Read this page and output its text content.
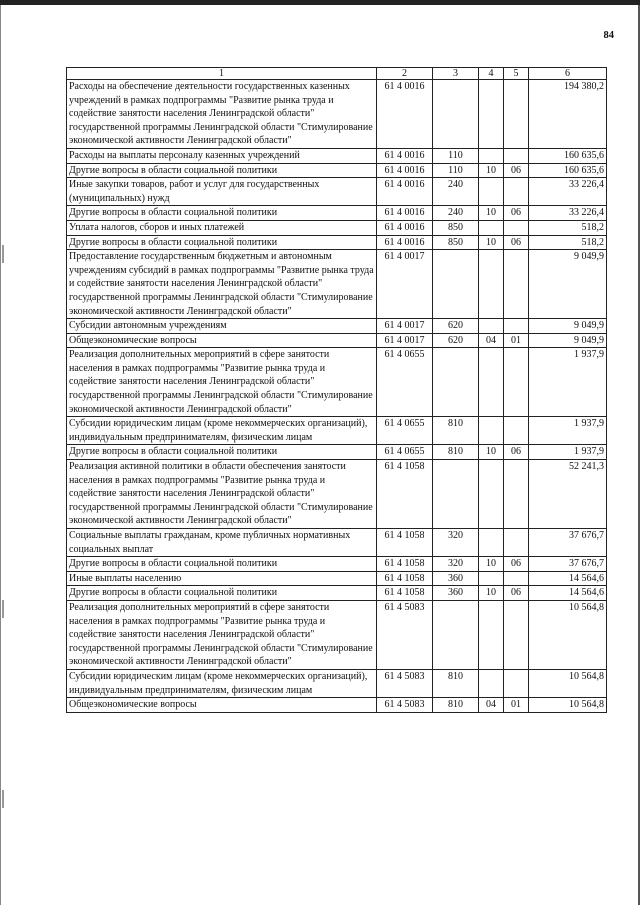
84
1	2	3	4	5	6
Расходы на обеспечение деятельности государственных казенных учреждений в рамках подпрограммы "Развитие рынка труда и содействие занятости населения Ленинградской области" государственной программы Ленинградской области "Стимулирование экономической активности Ленинградской области"	61 4 0016				194 380,2
Расходы на выплаты персоналу казенных учреждений	61 4 0016	110			160 635,6
Другие вопросы в области социальной политики	61 4 0016	110	10	06	160 635,6
Иные закупки товаров, работ и услуг для государственных (муниципальных) нужд	61 4 0016	240			33 226,4
Другие вопросы в области социальной политики	61 4 0016	240	10	06	33 226,4
Уплата налогов, сборов и иных платежей	61 4 0016	850			518,2
Другие вопросы в области социальной политики	61 4 0016	850	10	06	518,2
Предоставление государственным бюджетным и автономным учреждениям субсидий в рамках подпрограммы "Развитие рынка труда и содействие занятости населения Ленинградской области" государственной программы Ленинградской области "Стимулирование экономической активности Ленинградской области"	61 4 0017				9 049,9
Субсидии автономным учреждениям	61 4 0017	620			9 049,9
Общеэкономические вопросы	61 4 0017	620	04	01	9 049,9
Реализация дополнительных мероприятий в сфере занятости населения в рамках подпрограммы "Развитие рынка труда и содействие занятости населения Ленинградской области" государственной программы Ленинградской области "Стимулирование экономической активности Ленинградской области"	61 4 0655				1 937,9
Субсидии юридическим лицам (кроме некоммерческих организаций), индивидуальным предпринимателям, физическим лицам	61 4 0655	810			1 937,9
Другие вопросы в области социальной политики	61 4 0655	810	10	06	1 937,9
Реализация активной политики в области обеспечения занятости населения в рамках подпрограммы "Развитие рынка труда и содействие занятости населения Ленинградской области" государственной программы Ленинградской области "Стимулирование экономической активности Ленинградской области"	61 4 1058				52 241,3
Социальные выплаты гражданам, кроме публичных нормативных социальных выплат	61 4 1058	320			37 676,7
Другие вопросы в области социальной политики	61 4 1058	320	10	06	37 676,7
Иные выплаты населению	61 4 1058	360			14 564,6
Другие вопросы в области социальной политики	61 4 1058	360	10	06	14 564,6
Реализация дополнительных мероприятий в сфере занятости населения в рамках подпрограммы "Развитие рынка труда и содействие занятости населения Ленинградской области" государственной программы Ленинградской области "Стимулирование экономической активности Ленинградской области"	61 4 5083				10 564,8
Субсидии юридическим лицам (кроме некоммерческих организаций), индивидуальным предпринимателям, физическим лицам	61 4 5083	810			10 564,8
Общеэкономические вопросы	61 4 5083	810	04	01	10 564,8
